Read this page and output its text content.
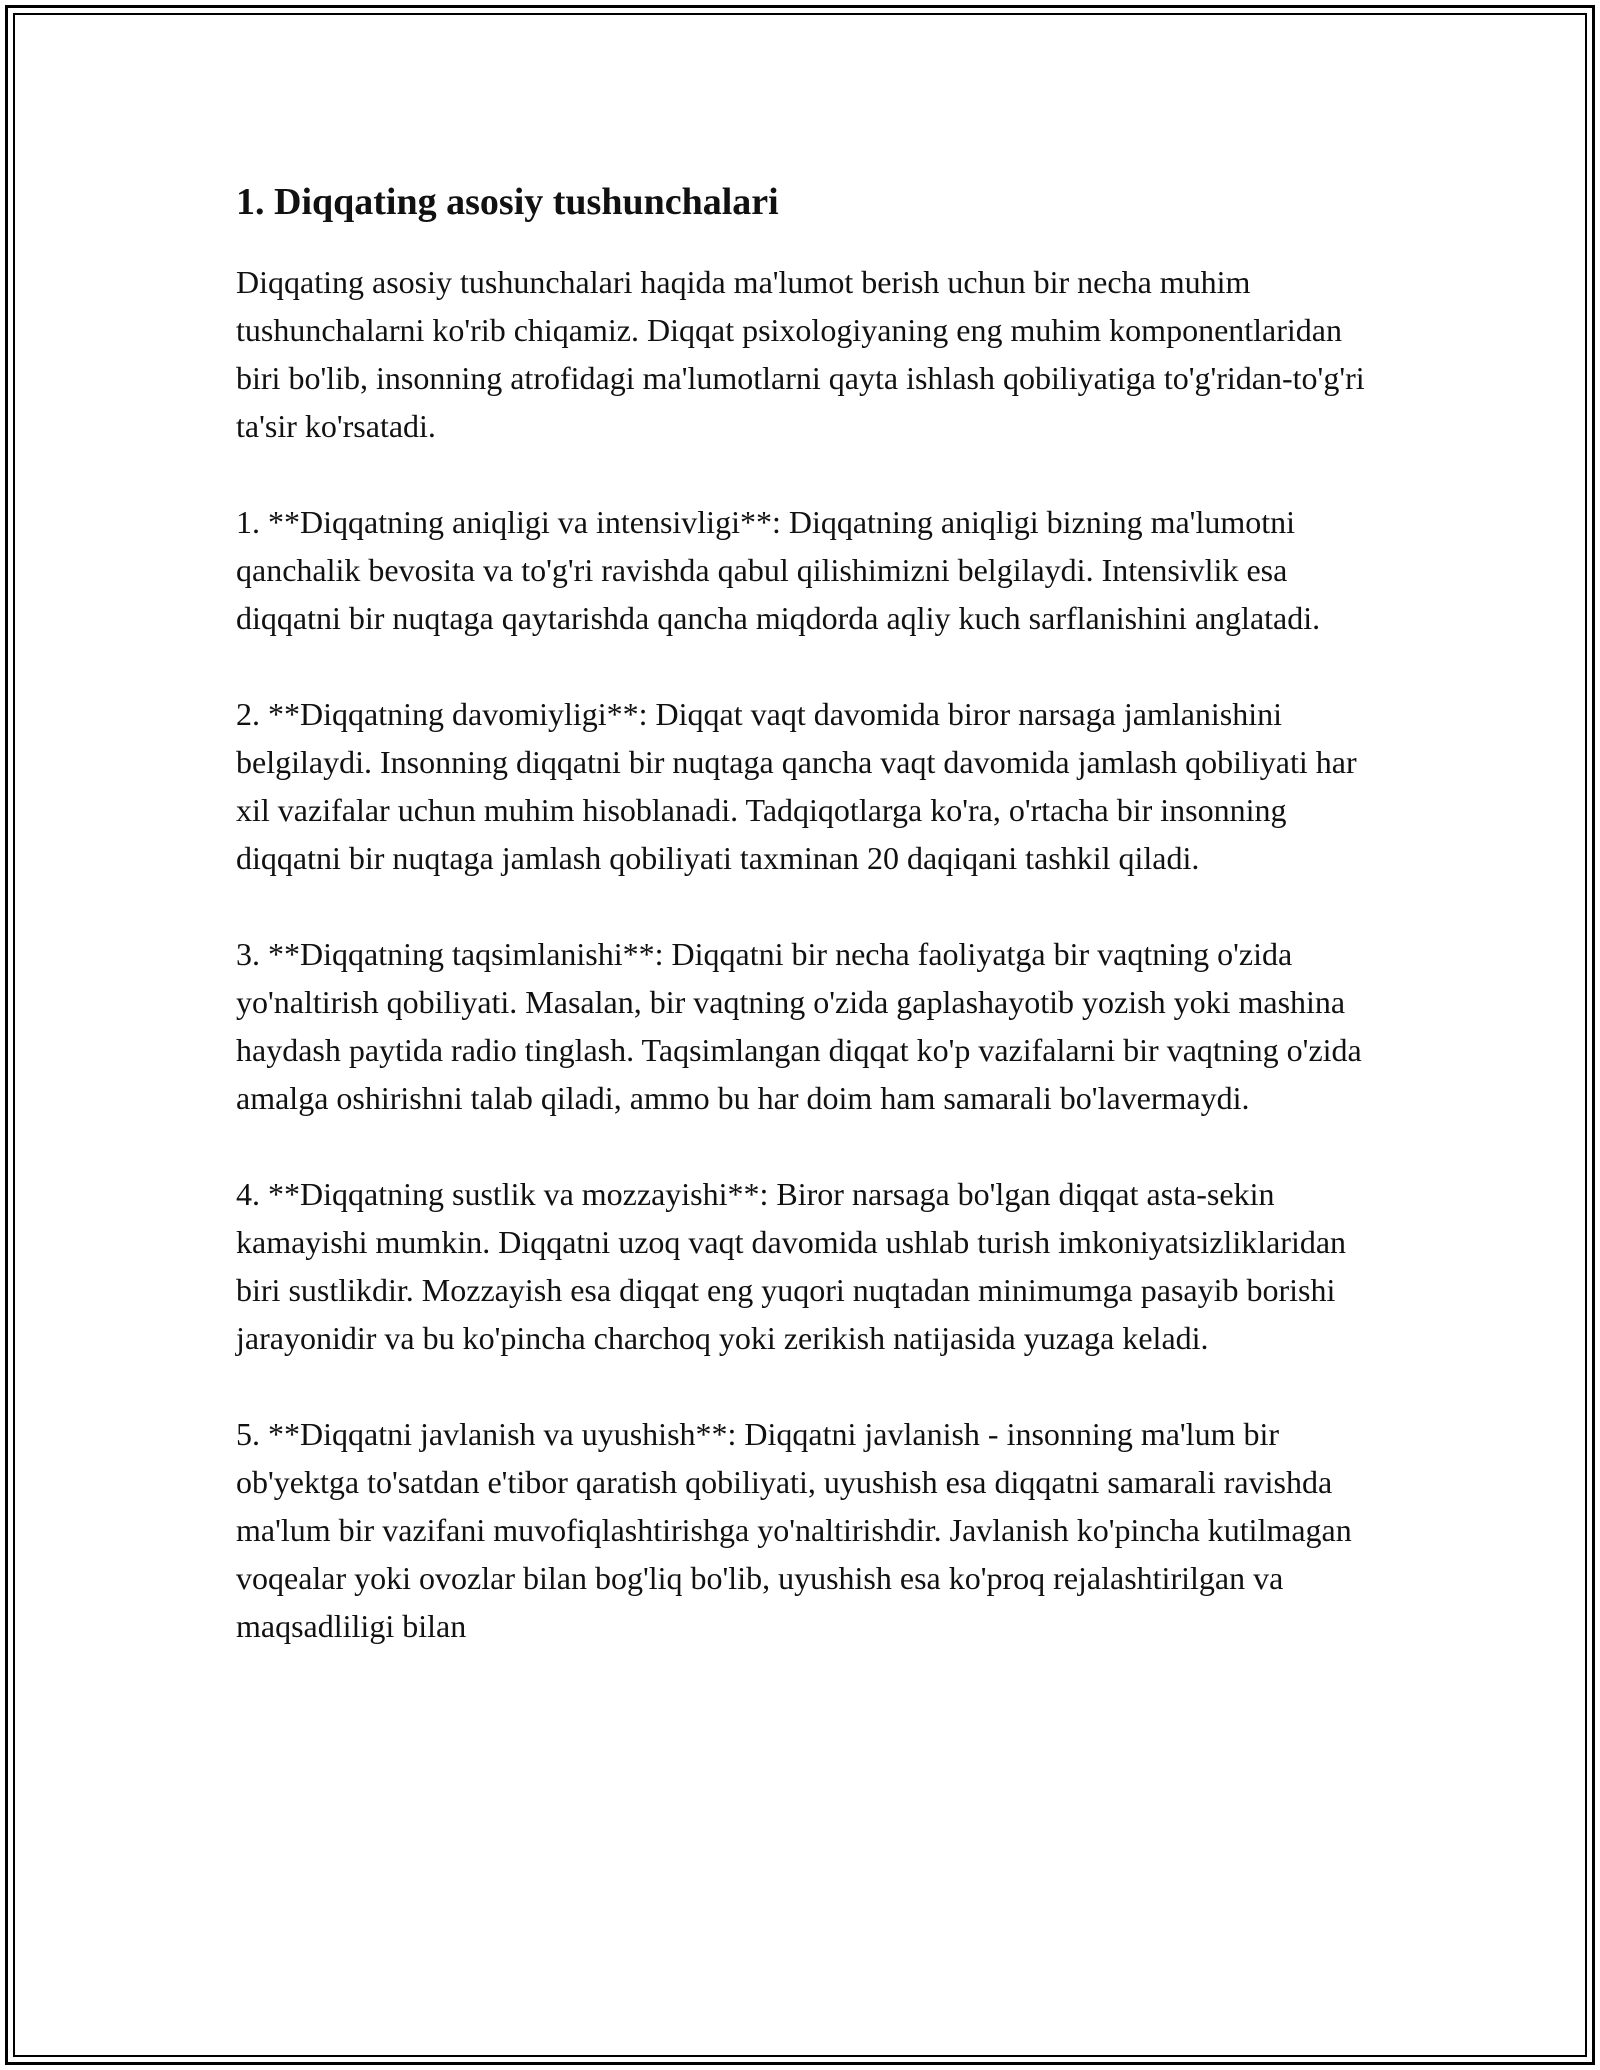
1. Diqqating asosiy tushunchalari

Diqqating asosiy tushunchalari haqida ma'lumot berish uchun bir necha muhim tushunchalarni ko'rib chiqamiz. Diqqat psixologiyaning eng muhim komponentlaridan biri bo'lib, insonning atrofidagi ma'lumotlarni qayta ishlash qobiliyatiga to'g'ridan-to'g'ri ta'sir ko'rsatadi.

1. **Diqqatning aniqligi va intensivligi**: Diqqatning aniqligi bizning ma'lumotni qanchalik bevosita va to'g'ri ravishda qabul qilishimizni belgilaydi. Intensivlik esa diqqatni bir nuqtaga qaytarishda qancha miqdorda aqliy kuch sarflanishini anglatadi.

2. **Diqqatning davomiyligi**: Diqqat vaqt davomida biror narsaga jamlanishini belgilaydi. Insonning diqqatni bir nuqtaga qancha vaqt davomida jamlash qobiliyati har xil vazifalar uchun muhim hisoblanadi. Tadqiqotlarga ko'ra, o'rtacha bir insonning diqqatni bir nuqtaga jamlash qobiliyati taxminan 20 daqiqani tashkil qiladi.

3. **Diqqatning taqsimlanishi**: Diqqatni bir necha faoliyatga bir vaqtning o'zida yo'naltirish qobiliyati. Masalan, bir vaqtning o'zida gaplashayotib yozish yoki mashina haydash paytida radio tinglash. Taqsimlangan diqqat ko'p vazifalarni bir vaqtning o'zida amalga oshirishni talab qiladi, ammo bu har doim ham samarali bo'lavermaydi.

4. **Diqqatning sustlik va mozzayishi**: Biror narsaga bo'lgan diqqat asta-sekin kamayishi mumkin. Diqqatni uzoq vaqt davomida ushlab turish imkoniyatsizliklaridan biri sustlikdir. Mozzayish esa diqqat eng yuqori nuqtadan minimumga pasayib borishi jarayonidir va bu ko'pincha charchoq yoki zerikish natijasida yuzaga keladi.

5. **Diqqatni javlanish va uyushish**: Diqqatni javlanish - insonning ma'lum bir ob'yektga to'satdan e'tibor qaratish qobiliyati, uyushish esa diqqatni samarali ravishda ma'lum bir vazifani muvofiqlashtirishga yo'naltirishdir. Javlanish ko'pincha kutilmagan voqealar yoki ovozlar bilan bog'liq bo'lib, uyushish esa ko'proq rejalashtirilgan va maqsadliligi bilan
